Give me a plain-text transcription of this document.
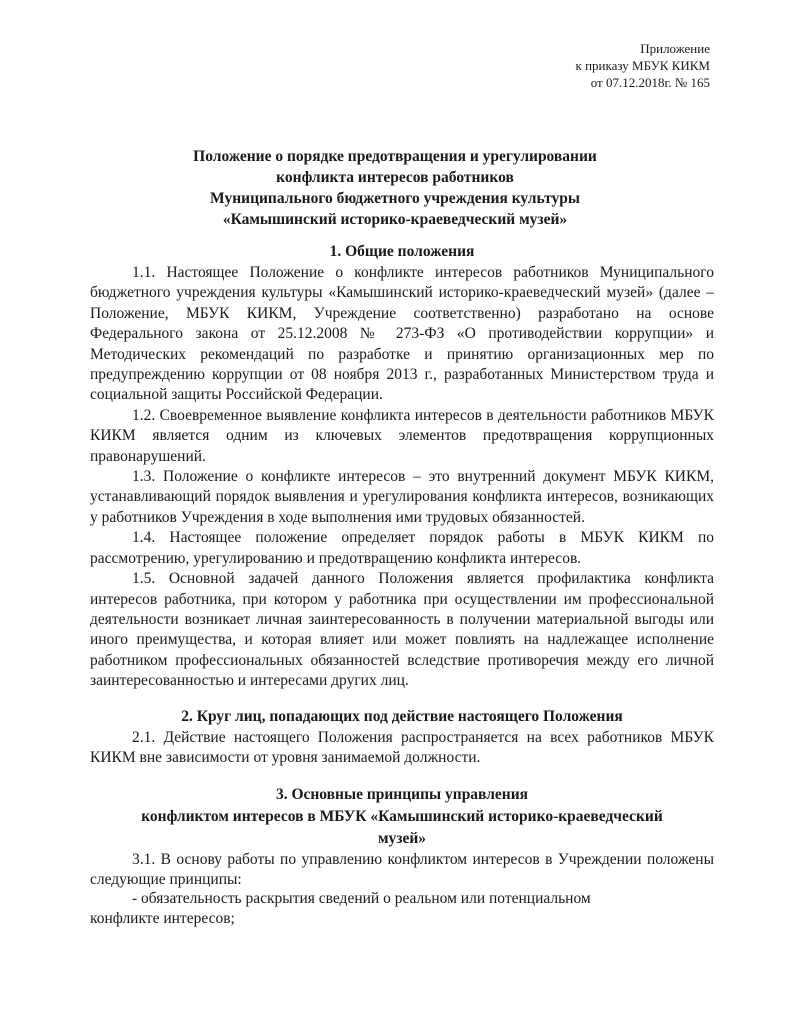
Приложение
к приказу МБУК КИКМ
от 07.12.2018г. № 165
Положение о порядке предотвращения и урегулировании
конфликта интересов работников
Муниципального бюджетного учреждения культуры
«Камышинский историко-краеведческий музей»
1. Общие положения

1.1. Настоящее Положение о конфликте интересов работников Муниципального бюджетного учреждения культуры «Камышинский историко-краеведческий музей» (далее – Положение, МБУК КИКМ, Учреждение соответственно) разработано на основе Федерального закона от 25.12.2008 № 273-ФЗ «О противодействии коррупции» и Методических рекомендаций по разработке и принятию организационных мер по предупреждению коррупции от 08 ноября 2013 г., разработанных Министерством труда и социальной защиты Российской Федерации.

1.2. Своевременное выявление конфликта интересов в деятельности работников МБУК КИКМ является одним из ключевых элементов предотвращения коррупционных правонарушений.

1.3. Положение о конфликте интересов – это внутренний документ МБУК КИКМ, устанавливающий порядок выявления и урегулирования конфликта интересов, возникающих у работников Учреждения в ходе выполнения ими трудовых обязанностей.

1.4. Настоящее положение определяет порядок работы в МБУК КИКМ по рассмотрению, урегулированию и предотвращению конфликта интересов.

1.5. Основной задачей данного Положения является профилактика конфликта интересов работника, при котором у работника при осуществлении им профессиональной деятельности возникает личная заинтересованность в получении материальной выгоды или иного преимущества, и которая влияет или может повлиять на надлежащее исполнение работником профессиональных обязанностей вследствие противоречия между его личной заинтересованностью и интересами других лиц.

2. Круг лиц, попадающих под действие настоящего Положения

2.1. Действие настоящего Положения распространяется на всех работников МБУК КИКМ вне зависимости от уровня занимаемой должности.

3. Основные принципы управления
конфликтом интересов в МБУК «Камышинский историко-краеведческий
музей»

3.1. В основу работы по управлению конфликтом интересов в Учреждении положены следующие принципы:

- обязательность раскрытия сведений о реальном или потенциальном

конфликте интересов;
